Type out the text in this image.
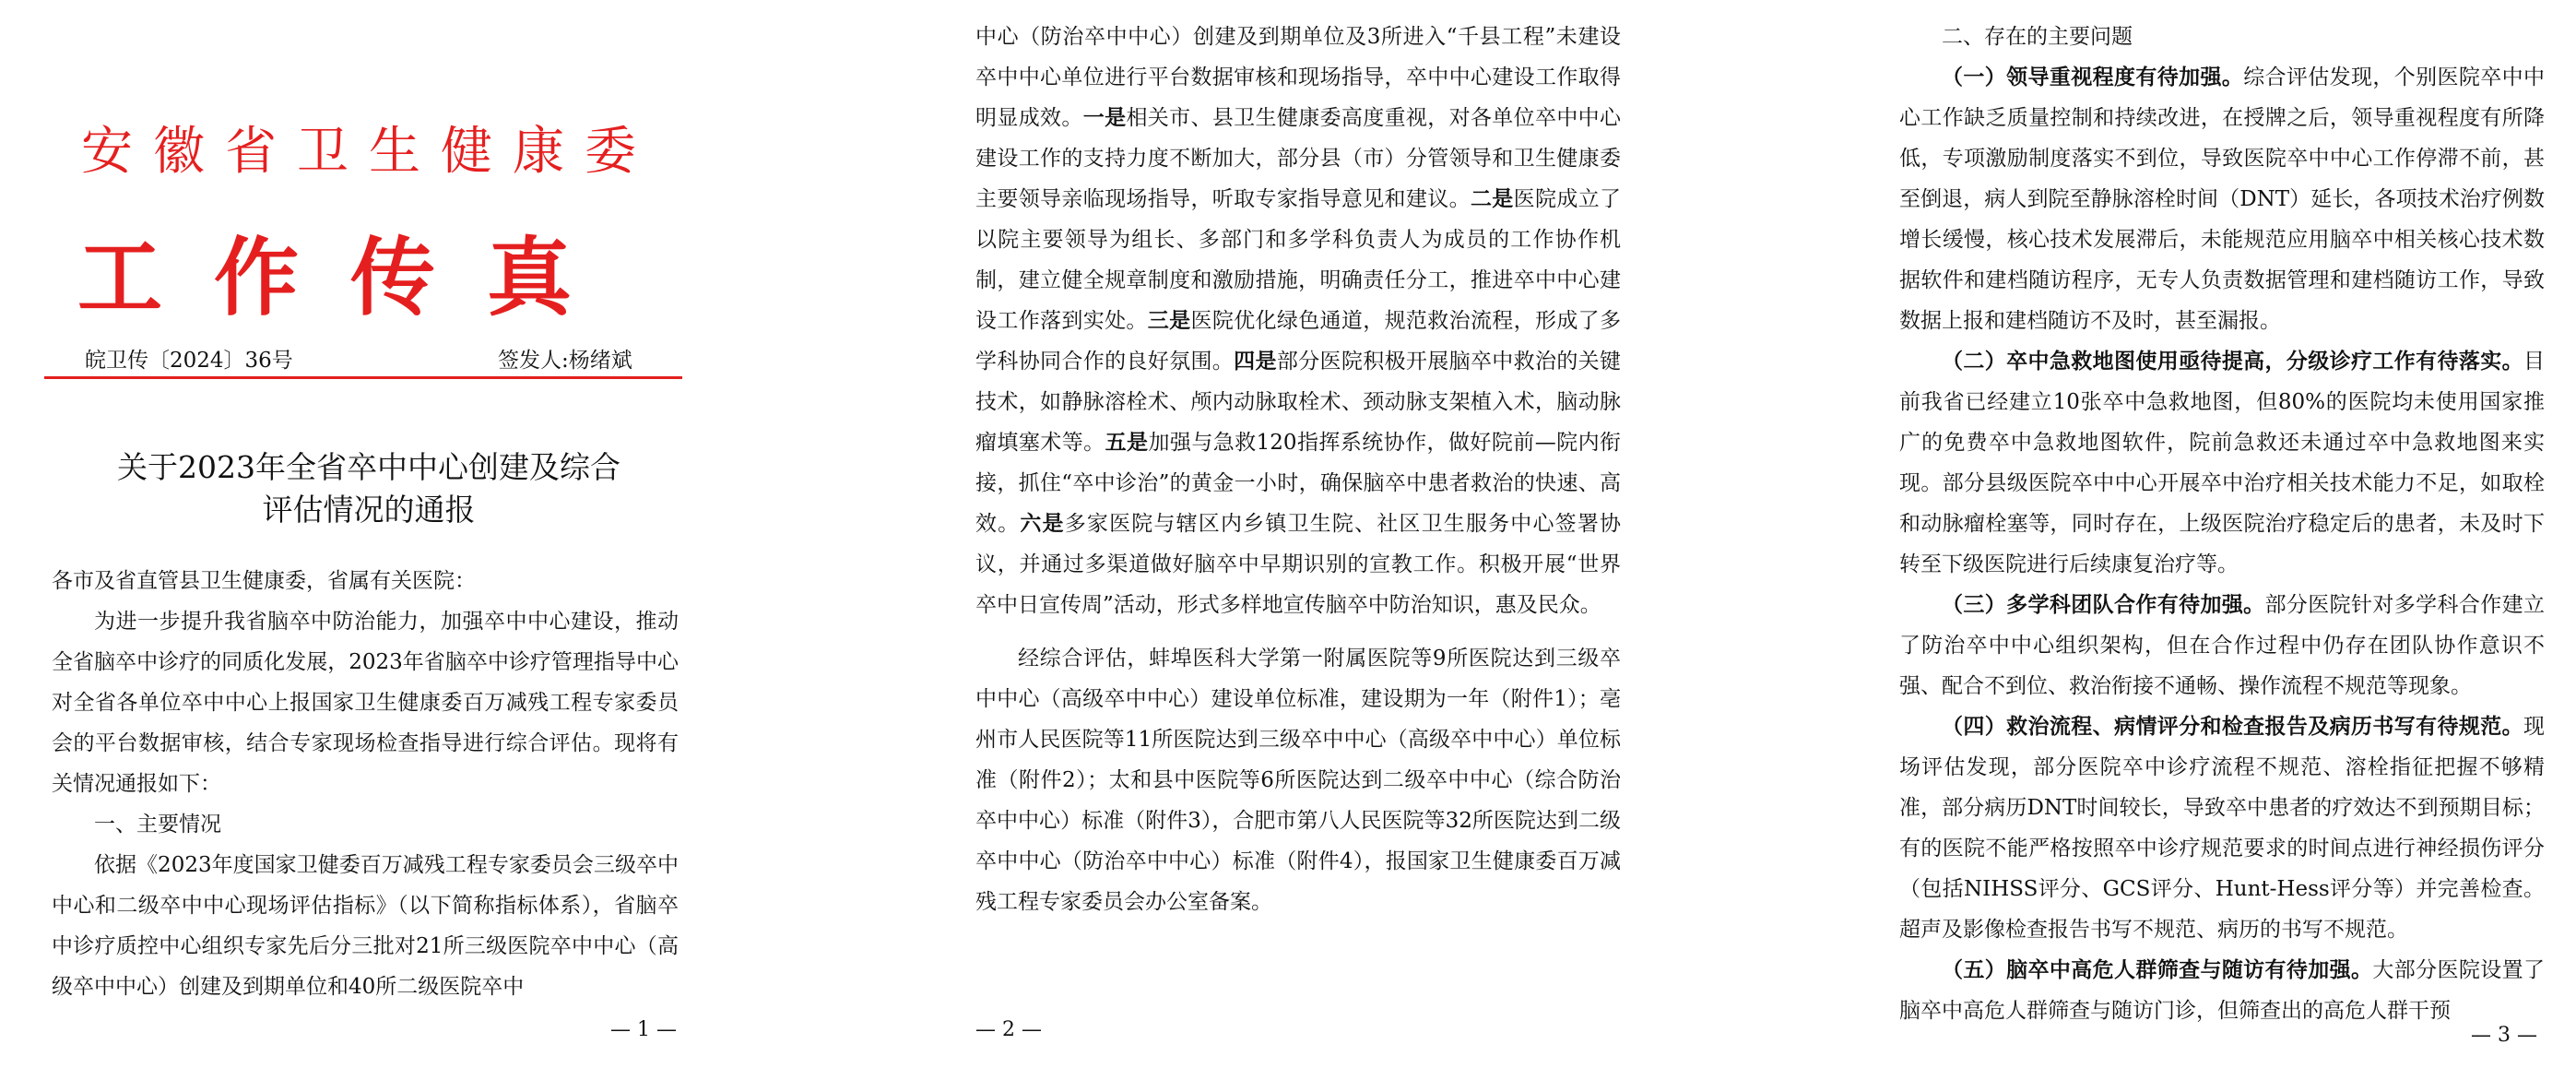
安徽省卫生健康委
工作传真
皖卫传〔2024〕36号	签发人:杨绪斌
关于2023年全省卒中中心创建及综合
评估情况的通报

各市及省直管县卫生健康委，省属有关医院：

为进一步提升我省脑卒中防治能力，加强卒中中心建设，推动全省脑卒中诊疗的同质化发展，2023年省脑卒中诊疗管理指导中心对全省各单位卒中中心上报国家卫生健康委百万减残工程专家委员会的平台数据审核，结合专家现场检查指导进行综合评估。现将有关情况通报如下：

一、主要情况

依据《2023年度国家卫健委百万减残工程专家委员会三级卒中中心和二级卒中中心现场评估指标》（以下简称指标体系），省脑卒中诊疗质控中心组织专家先后分三批对21所三级医院卒中中心（高级卒中中心）创建及到期单位和40所二级医院卒中

— 1 —

中心（防治卒中中心）创建及到期单位及3所进入“千县工程”未建设卒中中心单位进行平台数据审核和现场指导，卒中中心建设工作取得明显成效。一是相关市、县卫生健康委高度重视，对各单位卒中中心建设工作的支持力度不断加大，部分县（市）分管领导和卫生健康委主要领导亲临现场指导，听取专家指导意见和建议。二是医院成立了以院主要领导为组长、多部门和多学科负责人为成员的工作协作机制，建立健全规章制度和激励措施，明确责任分工，推进卒中中心建设工作落到实处。三是医院优化绿色通道，规范救治流程，形成了多学科协同合作的良好氛围。四是部分医院积极开展脑卒中救治的关键技术，如静脉溶栓术、颅内动脉取栓术、颈动脉支架植入术，脑动脉瘤填塞术等。五是加强与急救120指挥系统协作，做好院前—院内衔接，抓住“卒中诊治”的黄金一小时，确保脑卒中患者救治的快速、高效。六是多家医院与辖区内乡镇卫生院、社区卫生服务中心签署协议，并通过多渠道做好脑卒中早期识别的宣教工作。积极开展“世界卒中日宣传周”活动，形式多样地宣传脑卒中防治知识，惠及民众。

经综合评估，蚌埠医科大学第一附属医院等9所医院达到三级卒中中心（高级卒中中心）建设单位标准，建设期为一年（附件1）；亳州市人民医院等11所医院达到三级卒中中心（高级卒中中心）单位标准（附件2）；太和县中医院等6所医院达到二级卒中中心（综合防治卒中中心）标准（附件3），合肥市第八人民医院等32所医院达到二级卒中中心（防治卒中中心）标准（附件4），报国家卫生健康委百万减残工程专家委员会办公室备案。

— 2 —

二、存在的主要问题

（一）领导重视程度有待加强。综合评估发现，个别医院卒中中心工作缺乏质量控制和持续改进，在授牌之后，领导重视程度有所降低，专项激励制度落实不到位，导致医院卒中中心工作停滞不前，甚至倒退，病人到院至静脉溶栓时间（DNT）延长，各项技术治疗例数增长缓慢，核心技术发展滞后，未能规范应用脑卒中相关核心技术数据软件和建档随访程序，无专人负责数据管理和建档随访工作，导致数据上报和建档随访不及时，甚至漏报。

（二）卒中急救地图使用亟待提高，分级诊疗工作有待落实。目前我省已经建立10张卒中急救地图，但80%的医院均未使用国家推广的免费卒中急救地图软件，院前急救还未通过卒中急救地图来实现。部分县级医院卒中中心开展卒中治疗相关技术能力不足，如取栓和动脉瘤栓塞等，同时存在，上级医院治疗稳定后的患者，未及时下转至下级医院进行后续康复治疗等。

（三）多学科团队合作有待加强。部分医院针对多学科合作建立了防治卒中中心组织架构，但在合作过程中仍存在团队协作意识不强、配合不到位、救治衔接不通畅、操作流程不规范等现象。

（四）救治流程、病情评分和检查报告及病历书写有待规范。现场评估发现，部分医院卒中诊疗流程不规范、溶栓指征把握不够精准，部分病历DNT时间较长，导致卒中患者的疗效达不到预期目标；有的医院不能严格按照卒中诊疗规范要求的时间点进行神经损伤评分（包括NIHSS评分、GCS评分、Hunt-Hess评分等）并完善检查。超声及影像检查报告书写不规范、病历的书写不规范。

（五）脑卒中高危人群筛查与随访有待加强。大部分医院设置了脑卒中高危人群筛查与随访门诊，但筛查出的高危人群干预

— 3 —
